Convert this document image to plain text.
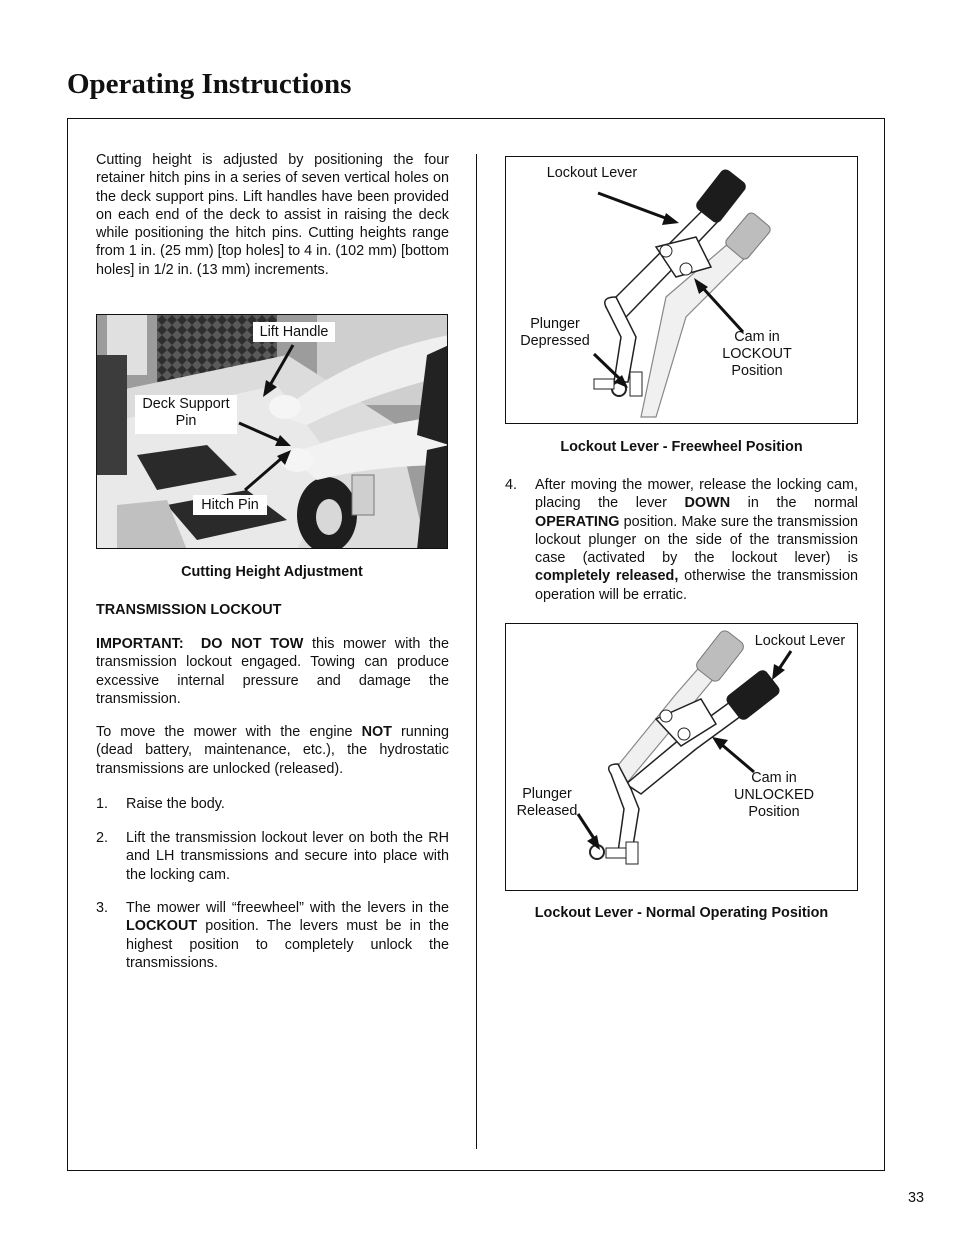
Operating Instructions

Cutting height is adjusted by positioning the four retainer hitch pins in a series of seven vertical holes on the deck support pins. Lift handles have been provided on each end of the deck to assist in raising the deck while positioning the hitch pins. Cutting heights range from 1 in. (25 mm) [top holes] to 4 in. (102 mm) [bottom holes] in 1/2 in. (13 mm) increments.

Lift Handle
Deck Support
Pin
Hitch Pin
Cutting Height Adjustment
TRANSMISSION LOCKOUT

IMPORTANT: DO NOT TOW this mower with the transmission lockout engaged. Towing can produce excessive internal pressure and damage the transmission.

To move the mower with the engine NOT running (dead battery, maintenance, etc.), the hydrostatic transmissions are unlocked (released).

1. Raise the body.
2. Lift the transmission lockout lever on both the RH and LH transmissions and secure into place with the locking cam.
3. The mower will “freewheel” with the levers in the LOCKOUT position. The levers must be in the highest position to completely unlock the transmissions.
Lockout Lever
Plunger
Depressed	Cam in
LOCKOUT
Position
Lockout Lever - Freewheel Position
4. After moving the mower, release the locking cam, placing the lever DOWN in the normal OPERATING position. Make sure the transmission lockout plunger on the side of the transmission case (activated by the lockout lever) is completely released, otherwise the transmission operation will be erratic.
Lockout Lever
Plunger
Released
Cam in
UNLOCKED
Position
Lockout Lever - Normal Operating Position
33
